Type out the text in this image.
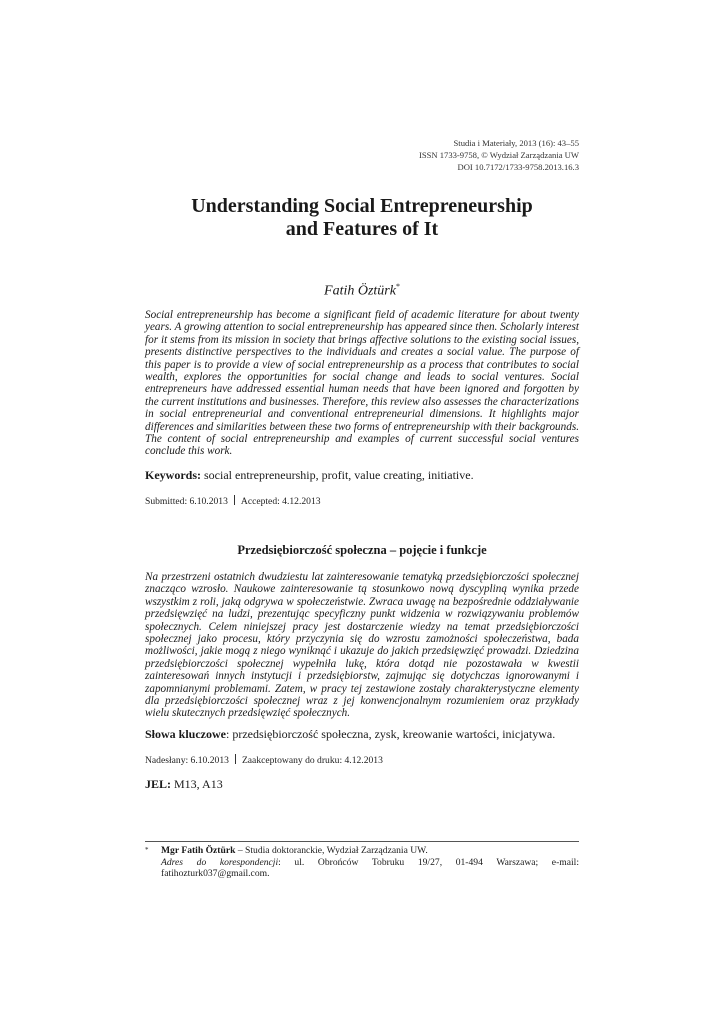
Studia i Materiały, 2013 (16): 43–55
ISSN 1733-9758, © Wydział Zarządzania UW
DOI 10.7172/1733-9758.2013.16.3
Understanding Social Entrepreneurship
and Features of It
Fatih Öztürk*

Social entrepreneurship has become a significant field of academic literature for about twenty years. A growing attention to social entrepreneurship has appeared since then. Scholarly interest for it stems from its mission in society that brings affective solutions to the existing social issues, presents distinctive perspectives to the individuals and creates a social value. The purpose of this paper is to provide a view of social entrepreneurship as a process that contributes to social wealth, explores the opportunities for social change and leads to social ventures. Social entrepreneurs have addressed essential human needs that have been ignored and forgotten by the current institutions and businesses. Therefore, this review also assesses the characterizations in social entrepreneurial and conventional entrepreneurial dimensions. It highlights major differences and similarities between these two forms of entrepreneurship with their backgrounds. The content of social entrepreneurship and examples of current successful social ventures conclude this work.

Keywords: social entrepreneurship, profit, value creating, initiative.

Submitted: 6.10.2013 Accepted: 4.12.2013
Przedsiębiorczość społeczna – pojęcie i funkcje

Na przestrzeni ostatnich dwudziestu lat zainteresowanie tematyką przedsiębiorczości społecznej znacząco wzrosło. Naukowe zainteresowanie tą stosunkowo nową dyscypliną wynika przede wszystkim z roli, jaką odgrywa w społeczeństwie. Zwraca uwagę na bezpośrednie oddziaływanie przedsięwzięć na ludzi, prezentując specyficzny punkt widzenia w rozwiązywaniu problemów społecznych. Celem niniejszej pracy jest dostarczenie wiedzy na temat przedsiębiorczości społecznej jako procesu, który przyczynia się do wzrostu zamożności społeczeństwa, bada możliwości, jakie mogą z niego wyniknąć i ukazuje do jakich przedsięwzięć prowadzi. Dziedzina przedsiębiorczości społecznej wypełniła lukę, która dotąd nie pozostawała w kwestii zainteresowań innych instytucji i przedsiębiorstw, zajmując się dotychczas ignorowanymi i zapomnianymi problemami. Zatem, w pracy tej zestawione zostały charakterystyczne elementy dla przedsiębiorczości społecznej wraz z jej konwencjonalnym rozumieniem oraz przykłady wielu skutecznych przedsięwzięć społecznych.

Słowa kluczowe: przedsiębiorczość społeczna, zysk, kreowanie wartości, inicjatywa.

Nadesłany: 6.10.2013 Zaakceptowany do druku: 4.12.2013
JEL: M13, A13
* Mgr Fatih Öztürk – Studia doktoranckie, Wydział Zarządzania UW.
Adres do korespondencji: ul. Obrońców Tobruku 19/27, 01-494 Warszawa; e-mail: fatihozturk037@gmail.com.
